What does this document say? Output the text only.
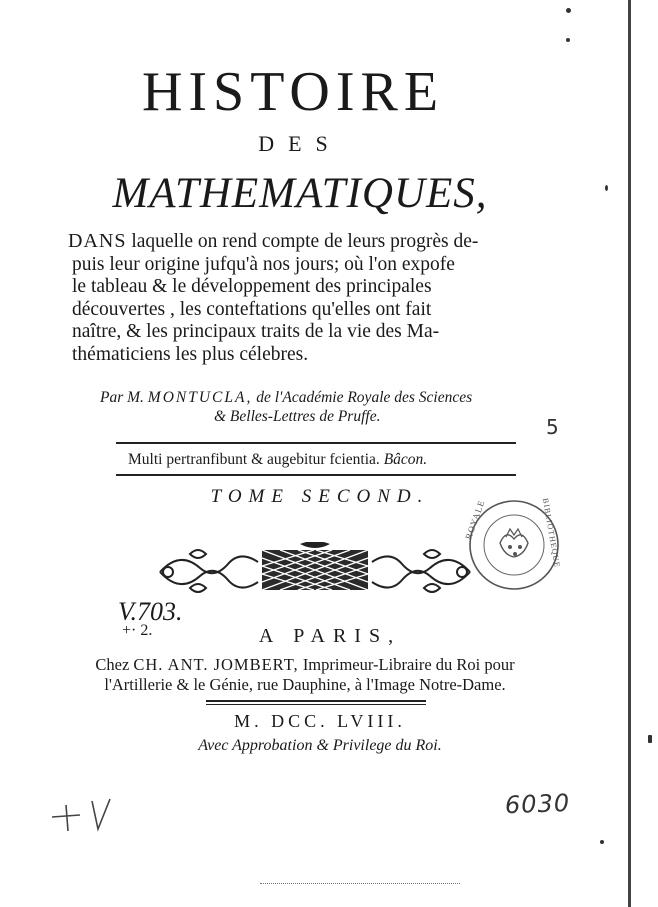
HISTOIRE
DES
MATHEMATIQUES,
DANS laquelle on rend compte de leurs progrès de-
puis leur origine jufqu'à nos jours; où l'on expofe
le tableau & le développement des principales
découvertes , les conteftations qu'elles ont fait
naître, & les principaux traits de la vie des Ma-
thématiciens les plus célebres.
Par M. MONTUCLA, de l'Académie Royale des Sciences
& Belles-Lettres de Pruffe.
Multi pertranfibunt & augebitur fcientia. Bâcon.
TOME SECOND.
ROYALE	BIBLIOTHEQUE
V.703.
+· 2.	A PARIS,
Chez CH. ANT. JOMBERT, Imprimeur-Libraire du Roi pour
l'Artillerie & le Génie, rue Dauphine, à l'Image Notre-Dame.
M. DCC. LVIII.
Avec Approbation & Privilege du Roi.
5
6030
